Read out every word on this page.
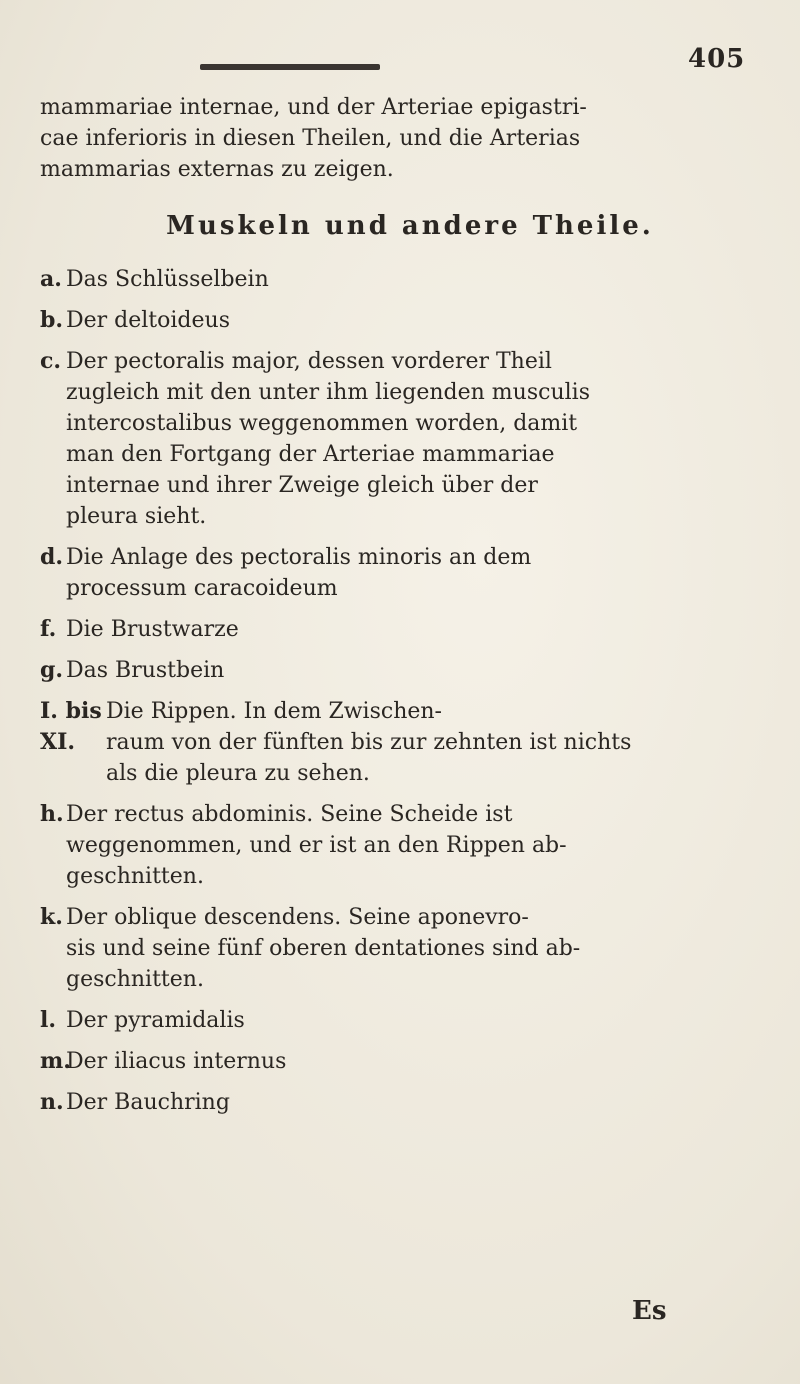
405

mammariae internae, und der Arteriae epigastri-

cae inferioris in diesen Theilen, und die Arterias

mammarias externas zu zeigen.

Muskeln und andere Theile.
a. Das Schlüsselbein
b. Der deltoideus
c. Der pectoralis major, dessen vorderer Theil
zugleich mit den unter ihm liegenden musculis
intercostalibus weggenommen worden, damit
man den Fortgang der Arteriae mammariae
internae und ihrer Zweige gleich über der
pleura sieht.
d. Die Anlage des pectoralis minoris an dem
processum caracoideum
f. Die Brustwarze
g. Das Brustbein
I. bis XI.
Die Rippen. In dem Zwischen-
raum von der fünften bis zur zehnten ist nichts
als die pleura zu sehen.
h. Der rectus abdominis. Seine Scheide ist
weggenommen, und er ist an den Rippen ab-
geschnitten.
k. Der oblique descendens. Seine aponevro-
sis und seine fünf oberen dentationes sind ab-
geschnitten.
l. Der pyramidalis
m.
Der iliacus internus
n. Der Bauchring
Es
